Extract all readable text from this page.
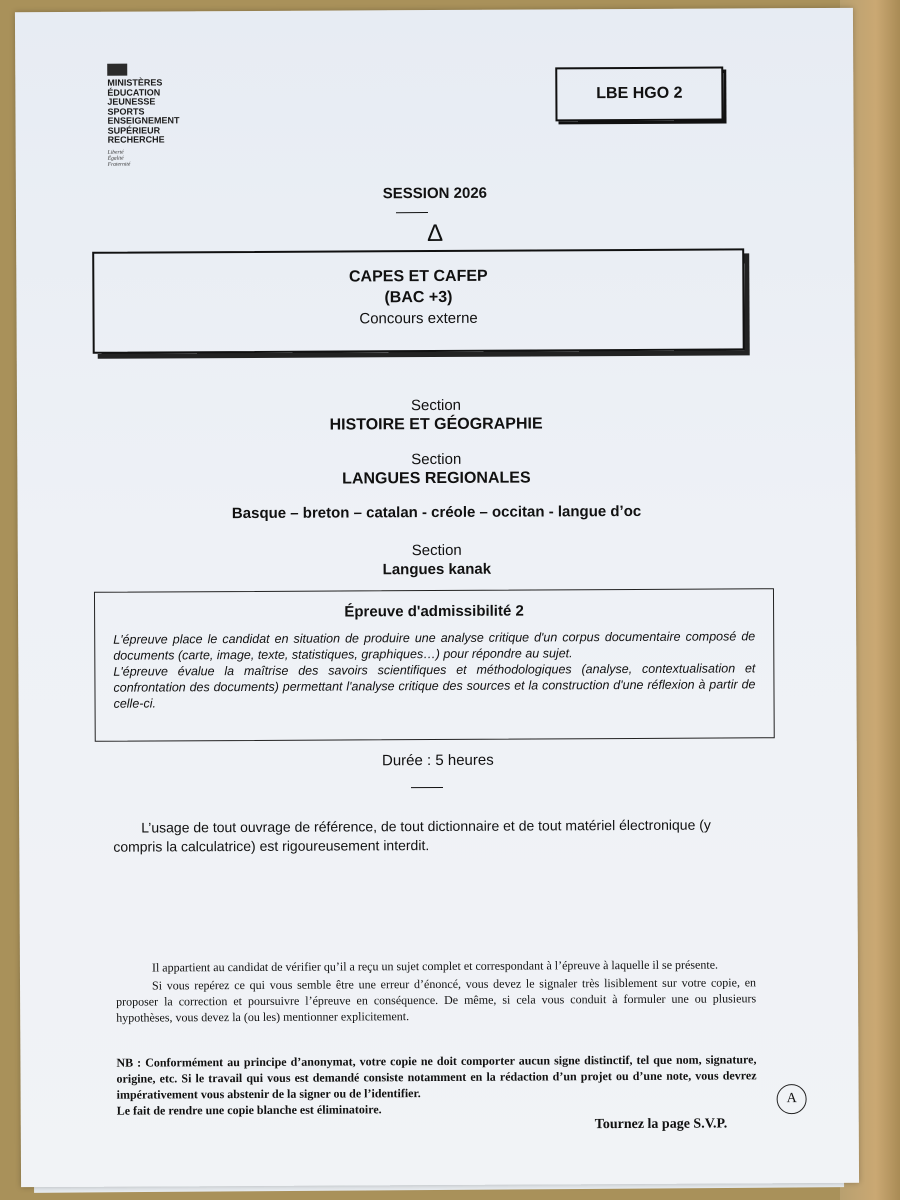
MINISTÈRES
ÉDUCATION
JEUNESSE
SPORTS
ENSEIGNEMENT
SUPÉRIEUR
RECHERCHE
Liberté
Égalité
Fraternité
LBE HGO 2
SESSION 2026
Δ
CAPES ET CAFEP
(BAC +3)
Concours externe
Section
HISTOIRE ET GÉOGRAPHIE
Section
LANGUES REGIONALES
Basque – breton – catalan - créole – occitan - langue d’oc
Section
Langues kanak
Épreuve d'admissibilité 2
L'épreuve place le candidat en situation de produire une analyse critique d'un corpus documentaire composé de documents (carte, image, texte, statistiques, graphiques…) pour répondre au sujet.
L'épreuve évalue la maîtrise des savoirs scientifiques et méthodologiques (analyse, contextualisation et confrontation des documents) permettant l'analyse critique des sources et la construction d'une réflexion à partir de celle-ci.
Durée : 5 heures
L’usage de tout ouvrage de référence, de tout dictionnaire et de tout matériel électronique (y compris la calculatrice) est rigoureusement interdit.

Il appartient au candidat de vérifier qu’il a reçu un sujet complet et correspondant à l’épreuve à laquelle il se présente.

Si vous repérez ce qui vous semble être une erreur d’énoncé, vous devez le signaler très lisiblement sur votre copie, en proposer la correction et poursuivre l’épreuve en conséquence. De même, si cela vous conduit à formuler une ou plusieurs hypothèses, vous devez la (ou les) mentionner explicitement.

NB : Conformément au principe d’anonymat, votre copie ne doit comporter aucun signe distinctif, tel que nom, signature, origine, etc. Si le travail qui vous est demandé consiste notamment en la rédaction d’un projet ou d’une note, vous devrez impérativement vous abstenir de la signer ou de l’identifier.

Le fait de rendre une copie blanche est éliminatoire.

A
Tournez la page S.V.P.
